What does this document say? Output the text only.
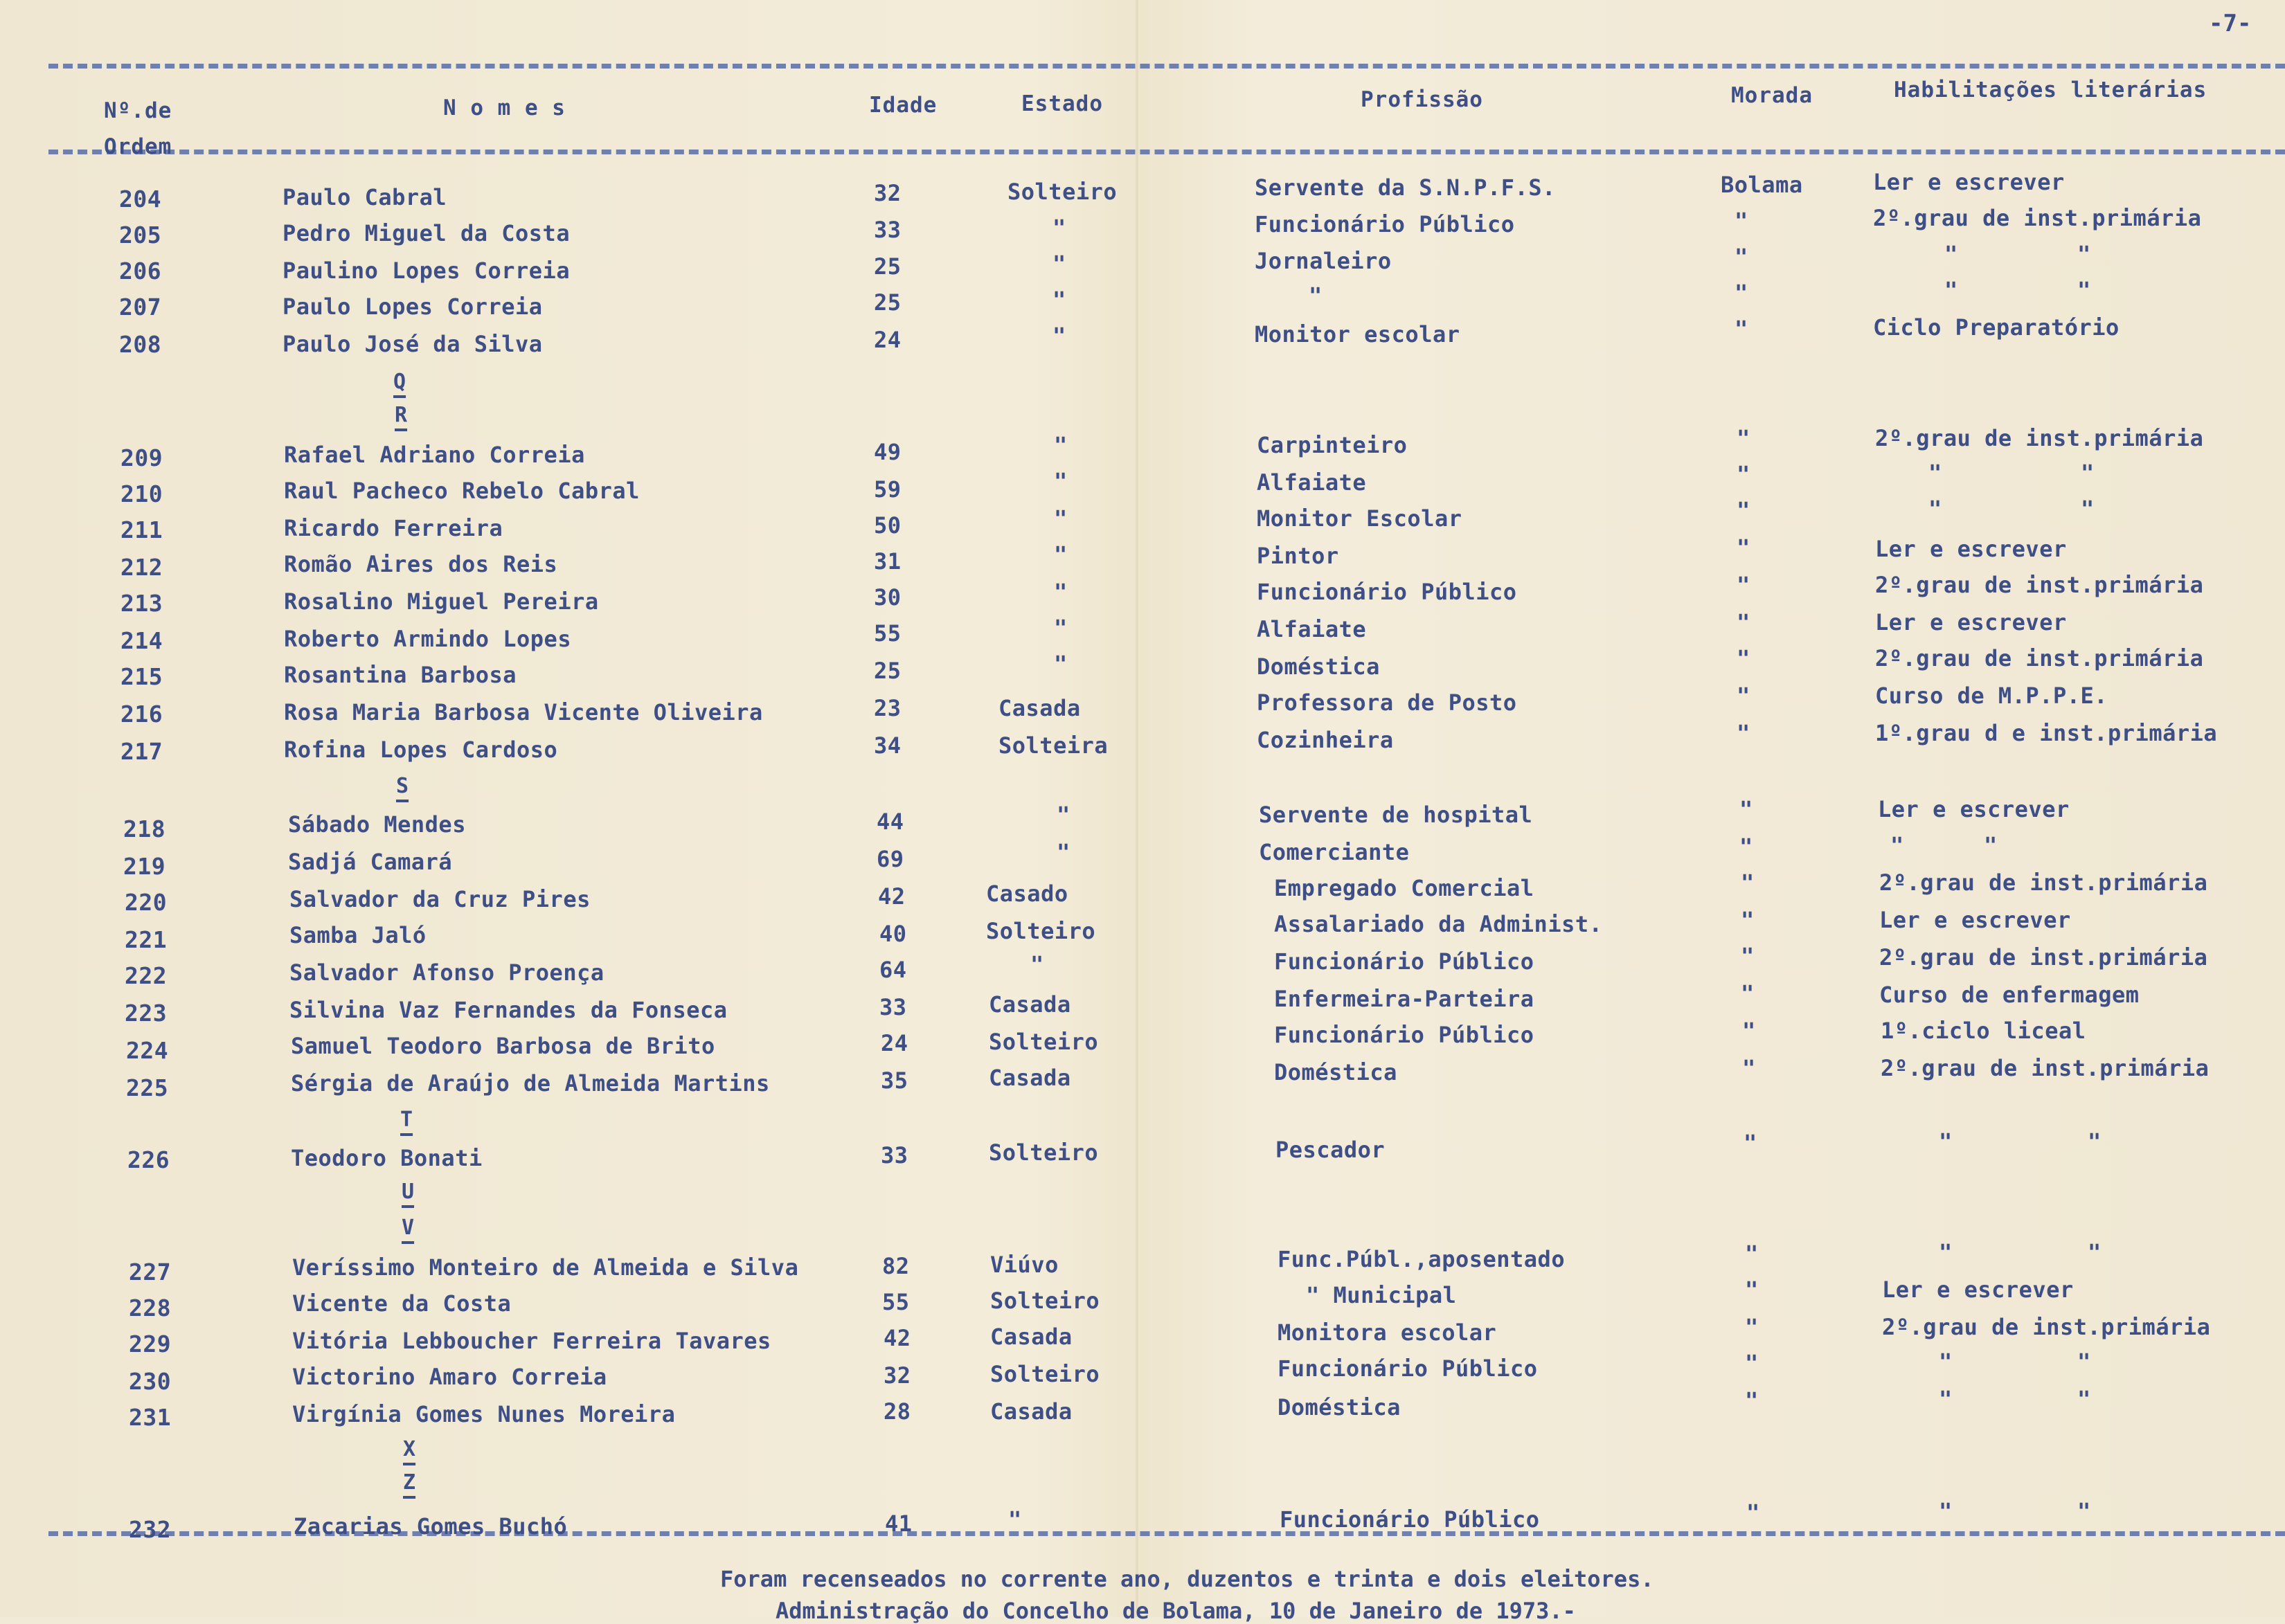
-7-
Nº.de
Ordem
N o m e s	Idade	Estado	Profissão	Morada	Habilitações literárias
204	Paulo Cabral	32	Solteiro	Servente da S.N.P.F.S.	Bolama	Ler e escrever
205	Pedro Miguel da Costa	33	"	Funcionário Público	"	2º.grau de inst.primária
206	Paulino Lopes Correia	25	"	Jornaleiro	"	"	"
207	Paulo Lopes Correia	25	"	"	"	"	"
208	Paulo José da Silva	24	"	Monitor escolar	"	Ciclo Preparatório
Q
R
209	Rafael Adriano Correia	49	"	Carpinteiro	"	2º.grau de inst.primária
210	Raul Pacheco Rebelo Cabral	59	"	Alfaiate	"	"	"
211	Ricardo Ferreira	50	"	Monitor Escolar	"	"	"
212	Romão Aires dos Reis	31	"	Pintor	"	Ler e escrever
213	Rosalino Miguel Pereira	30	"	Funcionário Público	"	2º.grau de inst.primária
214	Roberto Armindo Lopes	55	"	Alfaiate	"	Ler e escrever
215	Rosantina Barbosa	25	"	Doméstica	"	2º.grau de inst.primária
216	Rosa Maria Barbosa Vicente Oliveira	23	Casada	Professora de Posto	"	Curso de M.P.P.E.
217	Rofina Lopes Cardoso	34	Solteira	Cozinheira	"	1º.grau d e inst.primária
S
218	Sábado Mendes	44	"	Servente de hospital	"	Ler e escrever
219	Sadjá Camará	69	"	Comerciante	"	"	"
220	Salvador da Cruz Pires	42	Casado	Empregado Comercial	"	2º.grau de inst.primária
221	Samba Jaló	40	Solteiro	Assalariado da Administ.	"	Ler e escrever
222	Salvador Afonso Proença	64	"	Funcionário Público	"	2º.grau de inst.primária
223	Silvina Vaz Fernandes da Fonseca	33	Casada	Enfermeira-Parteira	"	Curso de enfermagem
224	Samuel Teodoro Barbosa de Brito	24	Solteiro	Funcionário Público	"	1º.ciclo liceal
225	Sérgia de Araújo de Almeida Martins	35	Casada	Doméstica	"	2º.grau de inst.primária
T
226	Teodoro Bonati	33	Solteiro	Pescador	"	"	"
U
V
227	Veríssimo Monteiro de Almeida e Silva	82	Viúvo	Func.Públ.,aposentado	"	"	"
228	Vicente da Costa	55	Solteiro	" Municipal	"	Ler e escrever
229	Vitória Lebboucher Ferreira Tavares	42	Casada	Monitora escolar	"	2º.grau de inst.primária
230	Victorino Amaro Correia	32	Solteiro	Funcionário Público	"	"	"
231	Virgínia Gomes Nunes Moreira	28	Casada	Doméstica	"	"	"
X
Z
232	Zacarias Gomes Buchó	41	"	Funcionário Público	"	"	"
Foram recenseados no corrente ano, duzentos e trinta e dois eleitores.
Administração do Concelho de Bolama, 10 de Janeiro de 1973.-
